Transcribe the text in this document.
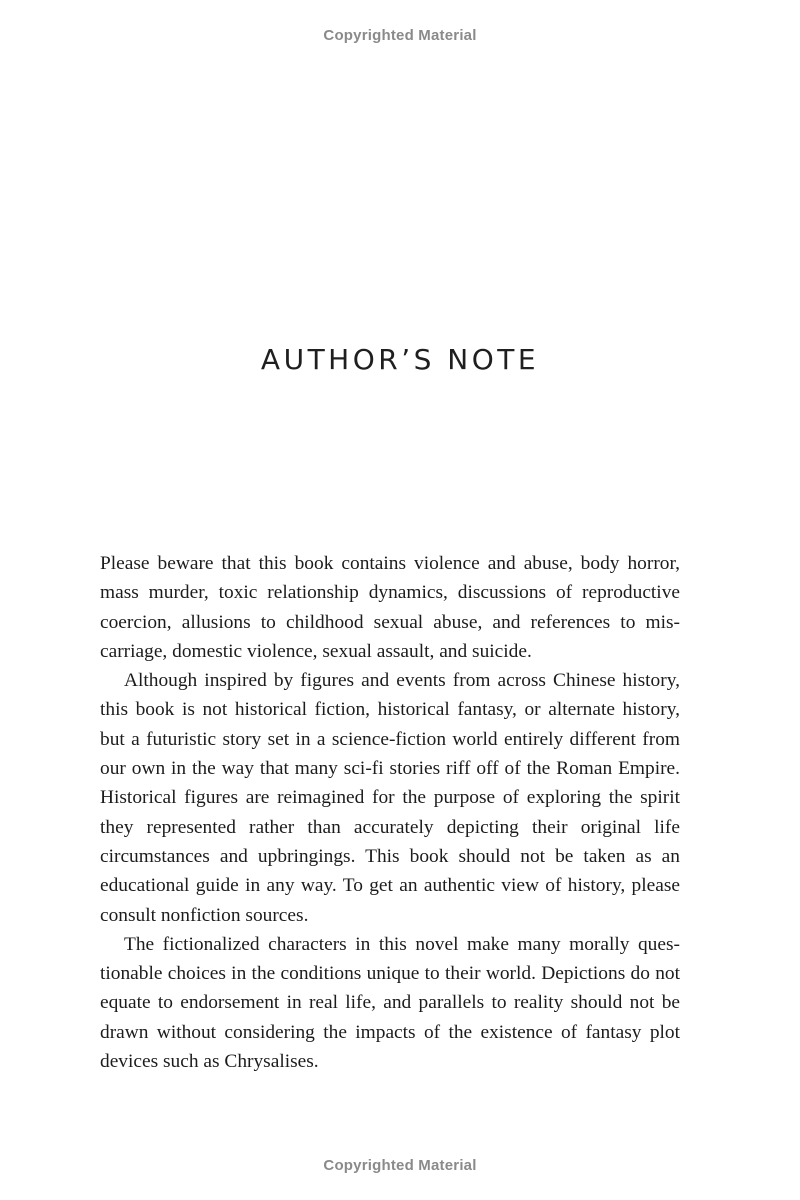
Copyrighted Material
AUTHOR’S NOTE

Please beware that this book contains violence and abuse, body horror, mass murder, toxic relationship dynamics, discussions of reproductive coercion, allusions to childhood sexual abuse, and references to miscarriage, domestic violence, sexual assault, and suicide.

Although inspired by figures and events from across Chinese history, this book is not historical fiction, historical fantasy, or alternate history, but a futuristic story set in a science-fiction world entirely different from our own in the way that many sci-fi stories riff off of the Roman Empire. Historical figures are reimagined for the purpose of exploring the spirit they represented rather than accurately depicting their original life circumstances and upbringings. This book should not be taken as an educational guide in any way. To get an authentic view of history, please consult nonfiction sources.

The fictionalized characters in this novel make many morally questionable choices in the conditions unique to their world. Depictions do not equate to endorsement in real life, and parallels to reality should not be drawn without considering the impacts of the existence of fantasy plot devices such as Chrysalises.

Copyrighted Material
